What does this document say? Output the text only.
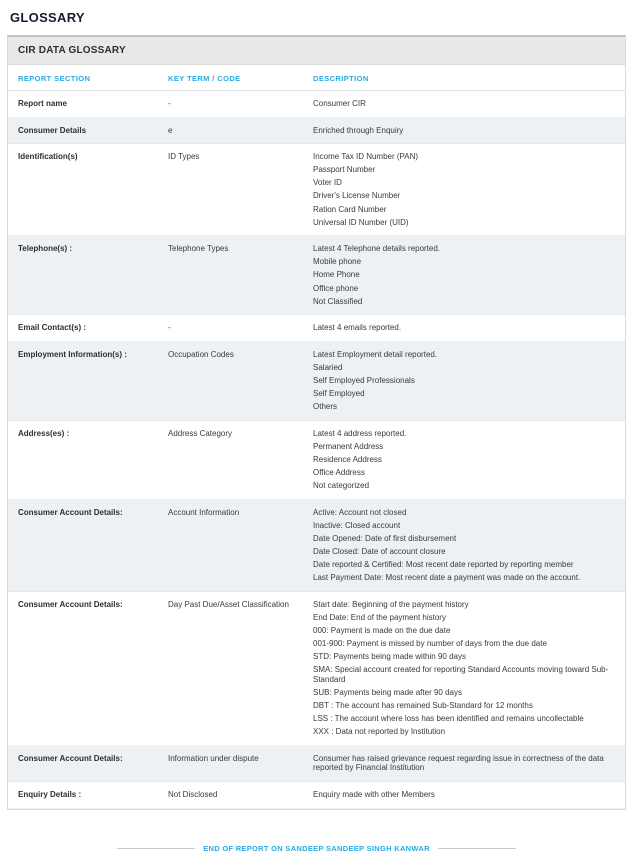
GLOSSARY
CIR DATA GLOSSARY
REPORT SECTION	KEY TERM / CODE	DESCRIPTION
Report name	-	Consumer CIR

Consumer Details	e	Enriched through Enquiry

Identification(s)	ID Types	Income Tax ID Number (PAN)
Passport Number
Voter ID
Driver's License Number
Ration Card Number
Universal ID Number (UID)

Telephone(s) :	Telephone Types	Latest 4 Telephone details reported.
Mobile phone
Home Phone
Office phone
Not Classified

Email Contact(s) :	-	Latest 4 emails reported.

Employment Information(s) :	Occupation Codes	Latest Employment detail reported.
Salaried
Self Employed Professionals
Self Employed
Others

Address(es) :	Address Category	Latest 4 address reported.
Permanent Address
Residence Address
Office Address
Not categorized

Consumer Account Details:	Account Information	Active: Account not closed
Inactive: Closed account
Date Opened: Date of first disbursement
Date Closed: Date of account closure
Date reported & Certified: Most recent date reported by reporting member
Last Payment Date: Most recent date a payment was made on the account.

Consumer Account Details:	Day Past Due/Asset Classification	Start date: Beginning of the payment history
End Date: End of the payment history
000: Payment is made on the due date
001-900: Payment is missed by number of days from the due date
STD: Payments being made within 90 days
SMA: Special account created for reporting Standard Accounts moving toward Sub-Standard
SUB: Payments being made after 90 days
DBT : The account has remained Sub-Standard for 12 months
LSS : The account where loss has been identified and remains uncollectable
XXX : Data not reported by Institution

Consumer Account Details:	Information under dispute	Consumer has raised grievance request regarding issue in correctness of the data reported by Financial Institution

Enquiry Details :	Not Disclosed	Enquiry made with other Members
END OF REPORT ON SANDEEP SANDEEP SINGH KANWAR
